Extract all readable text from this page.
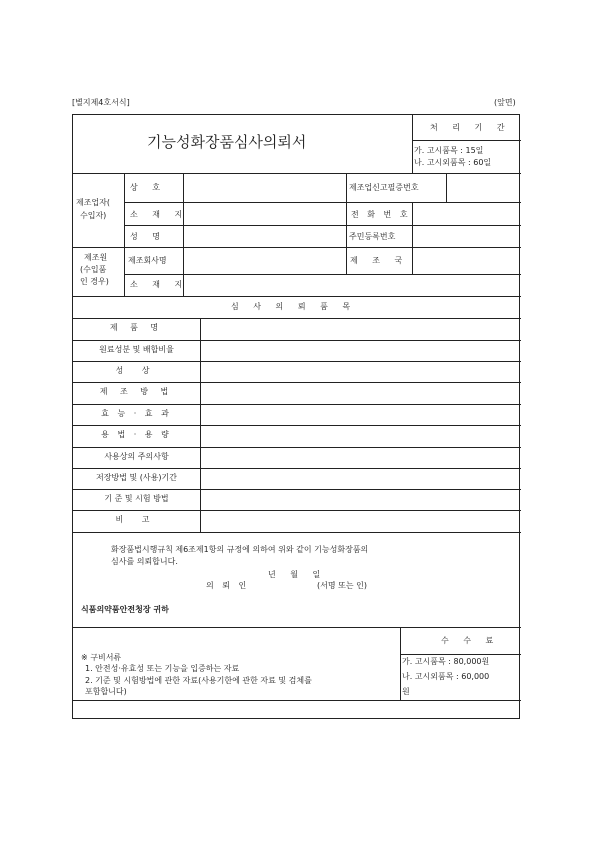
[별지제4호서식]	(앞면)
기능성화장품심사의뢰서
처 리 기 간
가. 고시품목 : 15일
나. 고시외품목 : 60일
제조업자(
수입자)
상 호	제조업신고필증번호
소 재 지	전 화 번 호
성 명	주민등록번호
제조원
(수입품
인 경우)
제조회사명	제 조 국
소 재 지
심 사 의 뢰 품 목
제 품 명
원료성분 및 배합비율
성 상
제 조 방 법
효 능 · 효 과
용 법 · 용 량
사용상의 주의사항
저장방법 및 (사용)기간
기 준 및 시험 방법
비 고
화장품법시행규칙 제6조제1항의 규정에 의하여 위와 같이 기능성화장품의
심사를 의뢰합니다.
년 월 일
의 뢰 인	(서명 또는 인)
식품의약품안전청장 귀하
※ 구비서류
1. 안전성·유효성 또는 기능을 입증하는 자료
2. 기준 및 시험방법에 관한 자료(사용기한에 관한 자료 및 검체를
포함합니다)
수 수 료
가. 고시품목 : 80,000원
나. 고시외품목 : 60,000
원
